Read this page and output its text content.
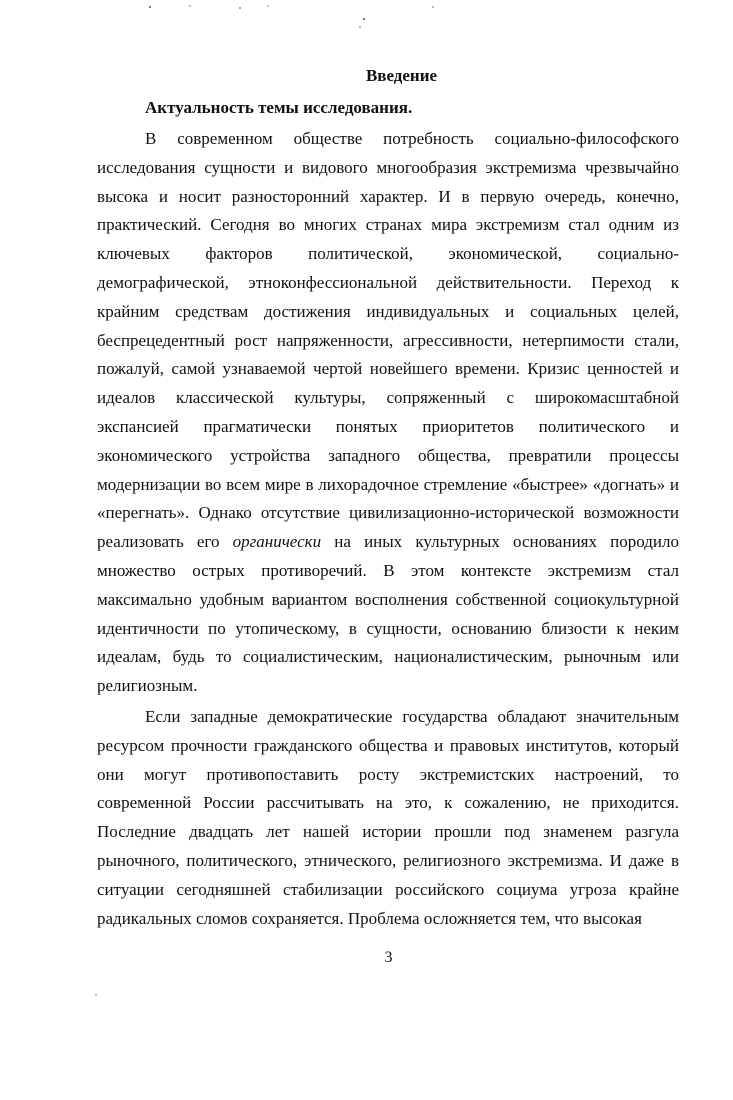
Введение
Актуальность темы исследования.

В современном обществе потребность социально-философского исследования сущности и видового многообразия экстремизма чрезвычайно высока и носит разносторонний характер. И в первую очередь, конечно, практический. Сегодня во многих странах мира экстремизм стал одним из ключевых факторов политической, экономической, социально-демографической, этноконфессиональной действительности. Переход к крайним средствам достижения индивидуальных и социальных целей, беспрецедентный рост напряженности, агрессивности, нетерпимости стали, пожалуй, самой узнаваемой чертой новейшего времени. Кризис ценностей и идеалов классической культуры, сопряженный с широкомасштабной экспансией прагматически понятых приоритетов политического и экономического устройства западного общества, превратили процессы модернизации во всем мире в лихорадочное стремление «быстрее» «догнать» и «перегнать». Однако отсутствие цивилизационно-исторической возможности реализовать его органически на иных культурных основаниях породило множество острых противоречий. В этом контексте экстремизм стал максимально удобным вариантом восполнения собственной социокультурной идентичности по утопическому, в сущности, основанию близости к неким идеалам, будь то социалистическим, националистическим, рыночным или религиозным.

Если западные демократические государства обладают значительным ресурсом прочности гражданского общества и правовых институтов, который они могут противопоставить росту экстремистских настроений, то современной России рассчитывать на это, к сожалению, не приходится. Последние двадцать лет нашей истории прошли под знаменем разгула рыночного, политического, этнического, религиозного экстремизма. И даже в ситуации сегодняшней стабилизации российского социума угроза крайне радикальных сломов сохраняется. Проблема осложняется тем, что высокая

3
